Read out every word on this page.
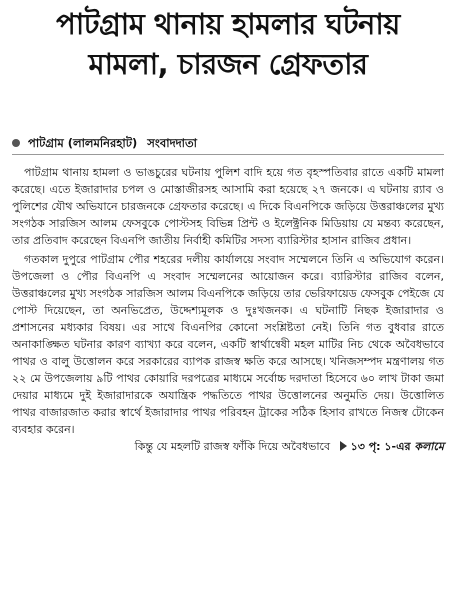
পাটগ্রাম থানায় হামলার ঘটনায়
মামলা, চারজন গ্রেফতার
পাটগ্রাম (লালমনিরহাট) সংবাদদাতা

পাটগ্রাম থানায় হামলা ও ভাঙচুরের ঘটনায় পুলিশ বাদি হয়ে গত বৃহস্পতিবার রাতে একটি মামলা করেছে। এতে ইজারাদার চপল ও মোস্তাজীরসহ আসামি করা হয়েছে ২৭ জনকে। এ ঘটনায় র‍্যাব ও পুলিশের যৌথ অভিযানে চারজনকে গ্রেফতার করেছে। এ দিকে বিএনপিকে জড়িয়ে উত্তরাঞ্চলের মুখ্য সংগঠক সারজিস আলম ফেসবুকে পোস্টসহ বিভিন্ন প্রিন্ট ও ইলেক্ট্রনিক মিডিয়ায় যে মন্তব্য করেছেন, তার প্রতিবাদ করেছেন বিএনপি জাতীয় নির্বাহী কমিটির সদস্য ব্যারিস্টার হাসান রাজিব প্রধান।

গতকাল দুপুরে পাটগ্রাম পৌর শহরের দলীয় কার্যালয়ে সংবাদ সম্মেলনে তিনি এ অভিযোগ করেন। উপজেলা ও পৌর বিএনপি এ সংবাদ সম্মেলনের আয়োজন করে। ব্যারিস্টার রাজিব বলেন, উত্তরাঞ্চলের মুখ্য সংগঠক সারজিস আলম বিএনপিকে জড়িয়ে তার ভেরিফায়েড ফেসবুক পেইজে যে পোস্ট দিয়েছেন, তা অনভিপ্রেত, উদ্দেশ্যমূলক ও দুঃখজনক। এ ঘটনাটি নিছক ইজারাদার ও প্রশাসনের মধ্যকার বিষয়। এর সাথে বিএনপির কোনো সংশ্লিষ্টতা নেই। তিনি গত বুধবার রাতে অনাকাঙ্ক্ষিত ঘটনার কারণ ব্যাখ্যা করে বলেন, একটি স্বার্থান্বেষী মহল মাটির নিচ থেকে অবৈধভাবে পাথর ও বালু উত্তোলন করে সরকারের ব্যাপক রাজস্ব ক্ষতি করে আসছে। খনিজসম্পদ মন্ত্রণালয় গত ২২ মে উপজেলায় ৯টি পাথর কোয়ারি দরপত্রের মাধ্যমে সর্বোচ্চ দরদাতা হিসেবে ৬০ লাখ টাকা জমা দেয়ার মাধ্যমে দুই ইজারাদারকে অযান্ত্রিক পদ্ধতিতে পাথর উত্তোলনের অনুমতি দেয়। উত্তোলিত পাথর বাজারজাত করার স্বার্থে ইজারাদার পাথর পরিবহন ট্রাকের সঠিক হিসাব রাখতে নিজস্ব টোকেন ব্যবহার করেন।

কিন্তু যে মহলটি রাজস্ব ফাঁকি দিয়ে অবৈধভাবে ১৩ পৃ: ১-এর কলামে
